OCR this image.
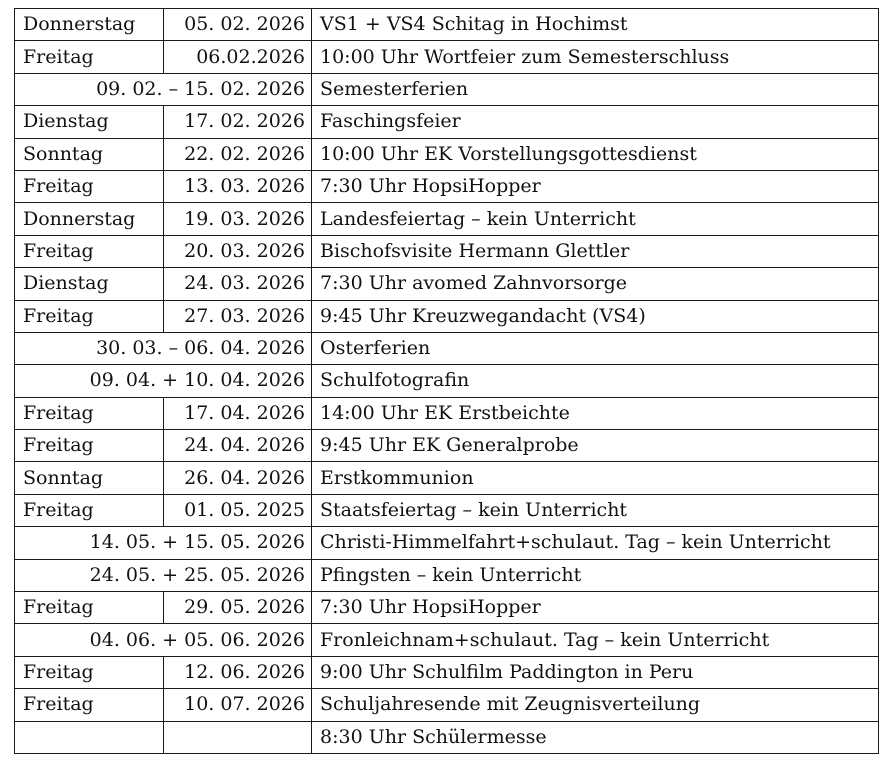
Donnerstag	05. 02. 2026	VS1 + VS4 Schitag in Hochimst
Freitag	06.02.2026	10:00 Uhr Wortfeier zum Semesterschluss
09. 02. – 15. 02. 2026		Semesterferien
Dienstag	17. 02. 2026	Faschingsfeier
Sonntag	22. 02. 2026	10:00 Uhr EK Vorstellungsgottesdienst
Freitag	13. 03. 2026	7:30 Uhr HopsiHopper
Donnerstag	19. 03. 2026	Landesfeiertag – kein Unterricht
Freitag	20. 03. 2026	Bischofsvisite Hermann Glettler
Dienstag	24. 03. 2026	7:30 Uhr avomed Zahnvorsorge
Freitag	27. 03. 2026	9:45 Uhr Kreuzwegandacht (VS4)
30. 03. – 06. 04. 2026		Osterferien
09. 04. + 10. 04. 2026		Schulfotografin
Freitag	17. 04. 2026	14:00 Uhr EK Erstbeichte
Freitag	24. 04. 2026	9:45 Uhr EK Generalprobe
Sonntag	26. 04. 2026	Erstkommunion
Freitag	01. 05. 2025	Staatsfeiertag – kein Unterricht
14. 05. + 15. 05. 2026		Christi-Himmelfahrt+schulaut. Tag – kein Unterricht
24. 05. + 25. 05. 2026		Pfingsten – kein Unterricht
Freitag	29. 05. 2026	7:30 Uhr HopsiHopper
04. 06. + 05. 06. 2026		Fronleichnam+schulaut. Tag – kein Unterricht
Freitag	12. 06. 2026	9:00 Uhr Schulfilm Paddington in Peru
Freitag	10. 07. 2026	Schuljahresende mit Zeugnisverteilung
		8:30 Uhr Schülermesse
